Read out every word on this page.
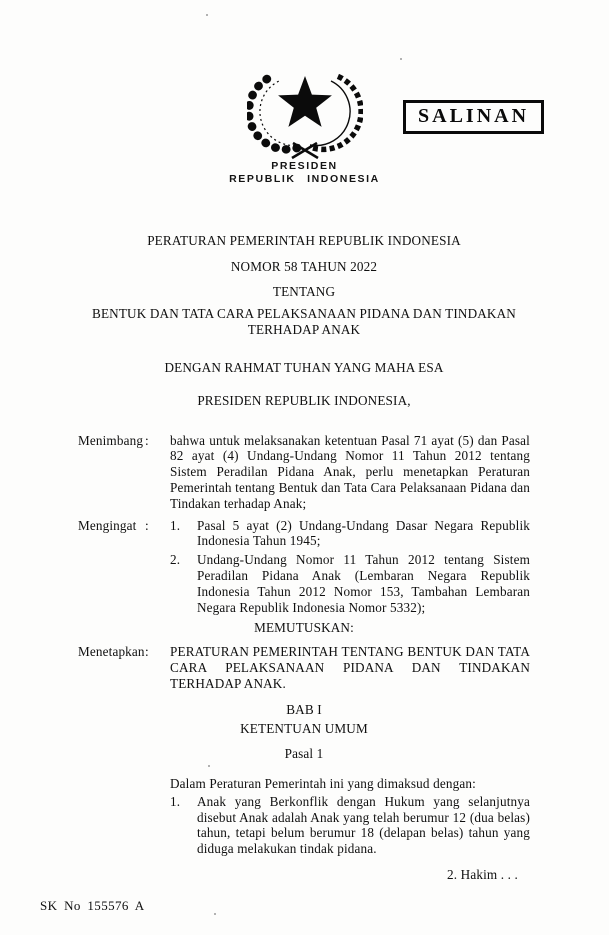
SALINAN
PRESIDEN
REPUBLIK INDONESIA
PERATURAN PEMERINTAH REPUBLIK INDONESIA
NOMOR 58 TAHUN 2022
TENTANG
BENTUK DAN TATA CARA PELAKSANAAN PIDANA DAN TINDAKAN TERHADAP ANAK
DENGAN RAHMAT TUHAN YANG MAHA ESA
PRESIDEN REPUBLIK INDONESIA,
Menimbang :	bahwa untuk melaksanakan ketentuan Pasal 71 ayat (5) dan Pasal 82 ayat (4) Undang-Undang Nomor 11 Tahun 2012 tentang Sistem Peradilan Pidana Anak, perlu menetapkan Peraturan Pemerintah tentang Bentuk dan Tata Cara Pelaksanaan Pidana dan Tindakan terhadap Anak;
Mengingat :	1.	Pasal 5 ayat (2) Undang-Undang Dasar Negara Republik Indonesia Tahun 1945;
2.	Undang-Undang Nomor 11 Tahun 2012 tentang Sistem Peradilan Pidana Anak (Lembaran Negara Republik Indonesia Tahun 2012 Nomor 153, Tambahan Lembaran Negara Republik Indonesia Nomor 5332);
MEMUTUSKAN:
Menetapkan :	PERATURAN PEMERINTAH TENTANG BENTUK DAN TATA CARA PELAKSANAAN PIDANA DAN TINDAKAN TERHADAP ANAK.
BAB I
KETENTUAN UMUM
Pasal 1
Dalam Peraturan Pemerintah ini yang dimaksud dengan:
1.	Anak yang Berkonflik dengan Hukum yang selanjutnya disebut Anak adalah Anak yang telah berumur 12 (dua belas) tahun, tetapi belum berumur 18 (delapan belas) tahun yang diduga melakukan tindak pidana.
2. Hakim . . .
SK No 155576 A
